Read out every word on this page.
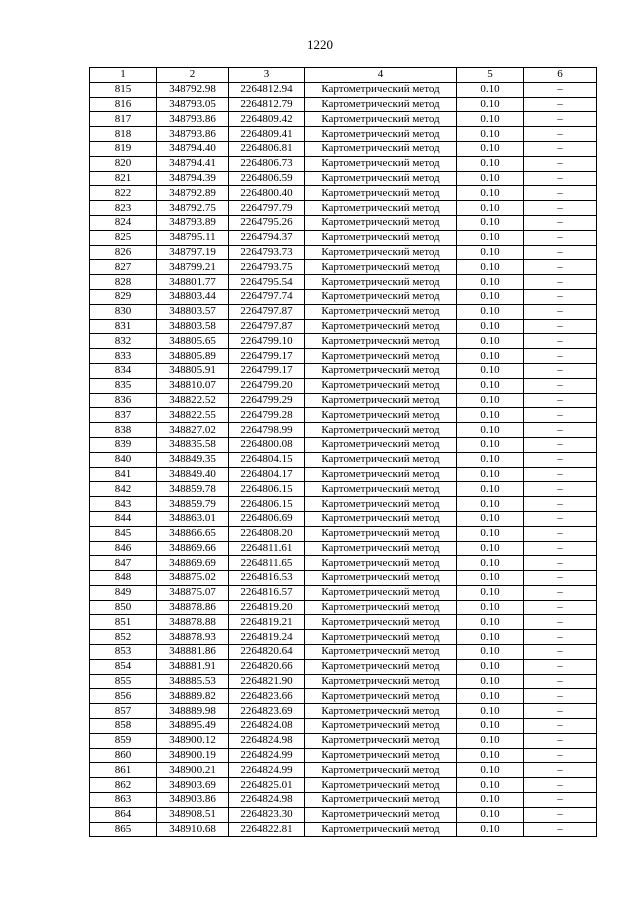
1220
1	2	3	4	5	6
815	348792.98	2264812.94	Картометрический метод	0.10	–
816	348793.05	2264812.79	Картометрический метод	0.10	–
817	348793.86	2264809.42	Картометрический метод	0.10	–
818	348793.86	2264809.41	Картометрический метод	0.10	–
819	348794.40	2264806.81	Картометрический метод	0.10	–
820	348794.41	2264806.73	Картометрический метод	0.10	–
821	348794.39	2264806.59	Картометрический метод	0.10	–
822	348792.89	2264800.40	Картометрический метод	0.10	–
823	348792.75	2264797.79	Картометрический метод	0.10	–
824	348793.89	2264795.26	Картометрический метод	0.10	–
825	348795.11	2264794.37	Картометрический метод	0.10	–
826	348797.19	2264793.73	Картометрический метод	0.10	–
827	348799.21	2264793.75	Картометрический метод	0.10	–
828	348801.77	2264795.54	Картометрический метод	0.10	–
829	348803.44	2264797.74	Картометрический метод	0.10	–
830	348803.57	2264797.87	Картометрический метод	0.10	–
831	348803.58	2264797.87	Картометрический метод	0.10	–
832	348805.65	2264799.10	Картометрический метод	0.10	–
833	348805.89	2264799.17	Картометрический метод	0.10	–
834	348805.91	2264799.17	Картометрический метод	0.10	–
835	348810.07	2264799.20	Картометрический метод	0.10	–
836	348822.52	2264799.29	Картометрический метод	0.10	–
837	348822.55	2264799.28	Картометрический метод	0.10	–
838	348827.02	2264798.99	Картометрический метод	0.10	–
839	348835.58	2264800.08	Картометрический метод	0.10	–
840	348849.35	2264804.15	Картометрический метод	0.10	–
841	348849.40	2264804.17	Картометрический метод	0.10	–
842	348859.78	2264806.15	Картометрический метод	0.10	–
843	348859.79	2264806.15	Картометрический метод	0.10	–
844	348863.01	2264806.69	Картометрический метод	0.10	–
845	348866.65	2264808.20	Картометрический метод	0.10	–
846	348869.66	2264811.61	Картометрический метод	0.10	–
847	348869.69	2264811.65	Картометрический метод	0.10	–
848	348875.02	2264816.53	Картометрический метод	0.10	–
849	348875.07	2264816.57	Картометрический метод	0.10	–
850	348878.86	2264819.20	Картометрический метод	0.10	–
851	348878.88	2264819.21	Картометрический метод	0.10	–
852	348878.93	2264819.24	Картометрический метод	0.10	–
853	348881.86	2264820.64	Картометрический метод	0.10	–
854	348881.91	2264820.66	Картометрический метод	0.10	–
855	348885.53	2264821.90	Картометрический метод	0.10	–
856	348889.82	2264823.66	Картометрический метод	0.10	–
857	348889.98	2264823.69	Картометрический метод	0.10	–
858	348895.49	2264824.08	Картометрический метод	0.10	–
859	348900.12	2264824.98	Картометрический метод	0.10	–
860	348900.19	2264824.99	Картометрический метод	0.10	–
861	348900.21	2264824.99	Картометрический метод	0.10	–
862	348903.69	2264825.01	Картометрический метод	0.10	–
863	348903.86	2264824.98	Картометрический метод	0.10	–
864	348908.51	2264823.30	Картометрический метод	0.10	–
865	348910.68	2264822.81	Картометрический метод	0.10	–
